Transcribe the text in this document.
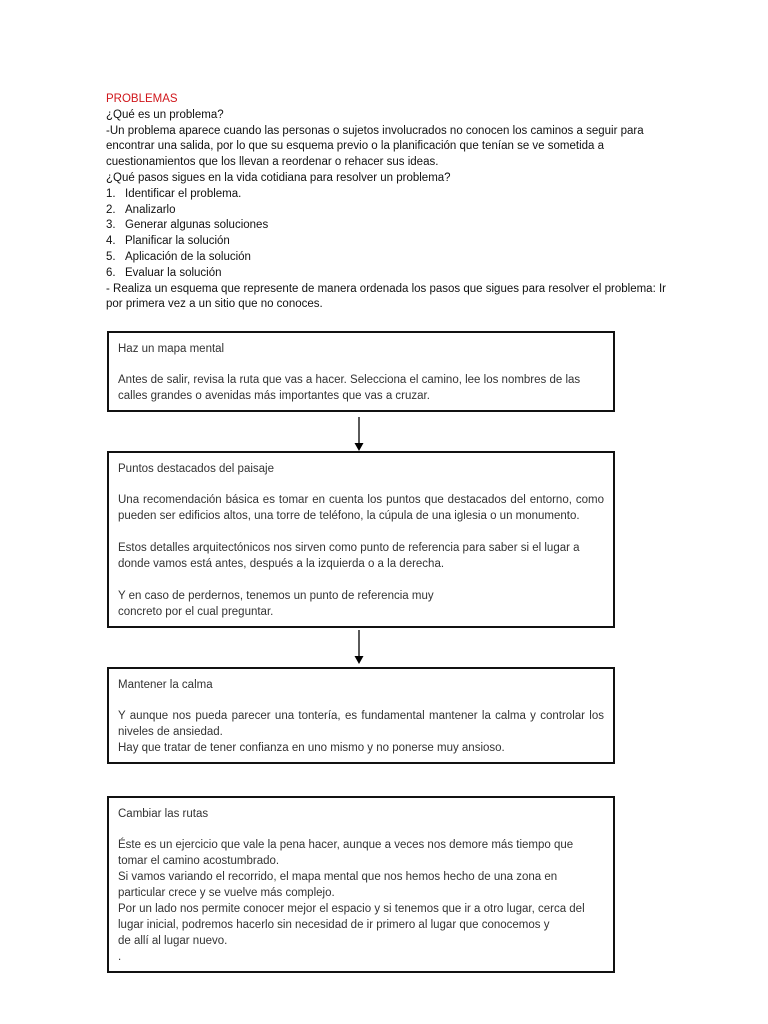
PROBLEMAS

¿Qué es un problema?

-Un problema aparece cuando las personas o sujetos involucrados no conocen los caminos a seguir para encontrar una salida, por lo que su esquema previo o la planificación que tenían se ve sometida a cuestionamientos que los llevan a reordenar o rehacer sus ideas.

¿Qué pasos sigues en la vida cotidiana para resolver un problema?

1. Identificar el problema.
2. Analizarlo
3. Generar algunas soluciones
4. Planificar la solución
5. Aplicación de la solución
6. Evaluar la solución

- Realiza un esquema que represente de manera ordenada los pasos que sigues para resolver el problema: Ir por primera vez a un sitio que no conoces.

Haz un mapa mental

Antes de salir, revisa la ruta que vas a hacer. Selecciona el camino, lee los nombres de las calles grandes o avenidas más importantes que vas a cruzar.

Puntos destacados del paisaje

Una recomendación básica es tomar en cuenta los puntos que destacados del entorno, como pueden ser edificios altos, una torre de teléfono, la cúpula de una iglesia o un monumento.

Estos detalles arquitectónicos nos sirven como punto de referencia para saber si el lugar a donde vamos está antes, después a la izquierda o a la derecha.

Y en caso de perdernos, tenemos un punto de referencia muy

concreto por el cual preguntar.

Mantener la calma

Y aunque nos pueda parecer una tontería, es fundamental mantener la calma y controlar los niveles de ansiedad.

Hay que tratar de tener confianza en uno mismo y no ponerse muy ansioso.

Cambiar las rutas

Éste es un ejercicio que vale la pena hacer, aunque a veces nos demore más tiempo que tomar el camino acostumbrado.

Si vamos variando el recorrido, el mapa mental que nos hemos hecho de una zona en particular crece y se vuelve más complejo.

Por un lado nos permite conocer mejor el espacio y si tenemos que ir a otro lugar, cerca del lugar inicial, podremos hacerlo sin necesidad de ir primero al lugar que conocemos y

de allí al lugar nuevo.

.
